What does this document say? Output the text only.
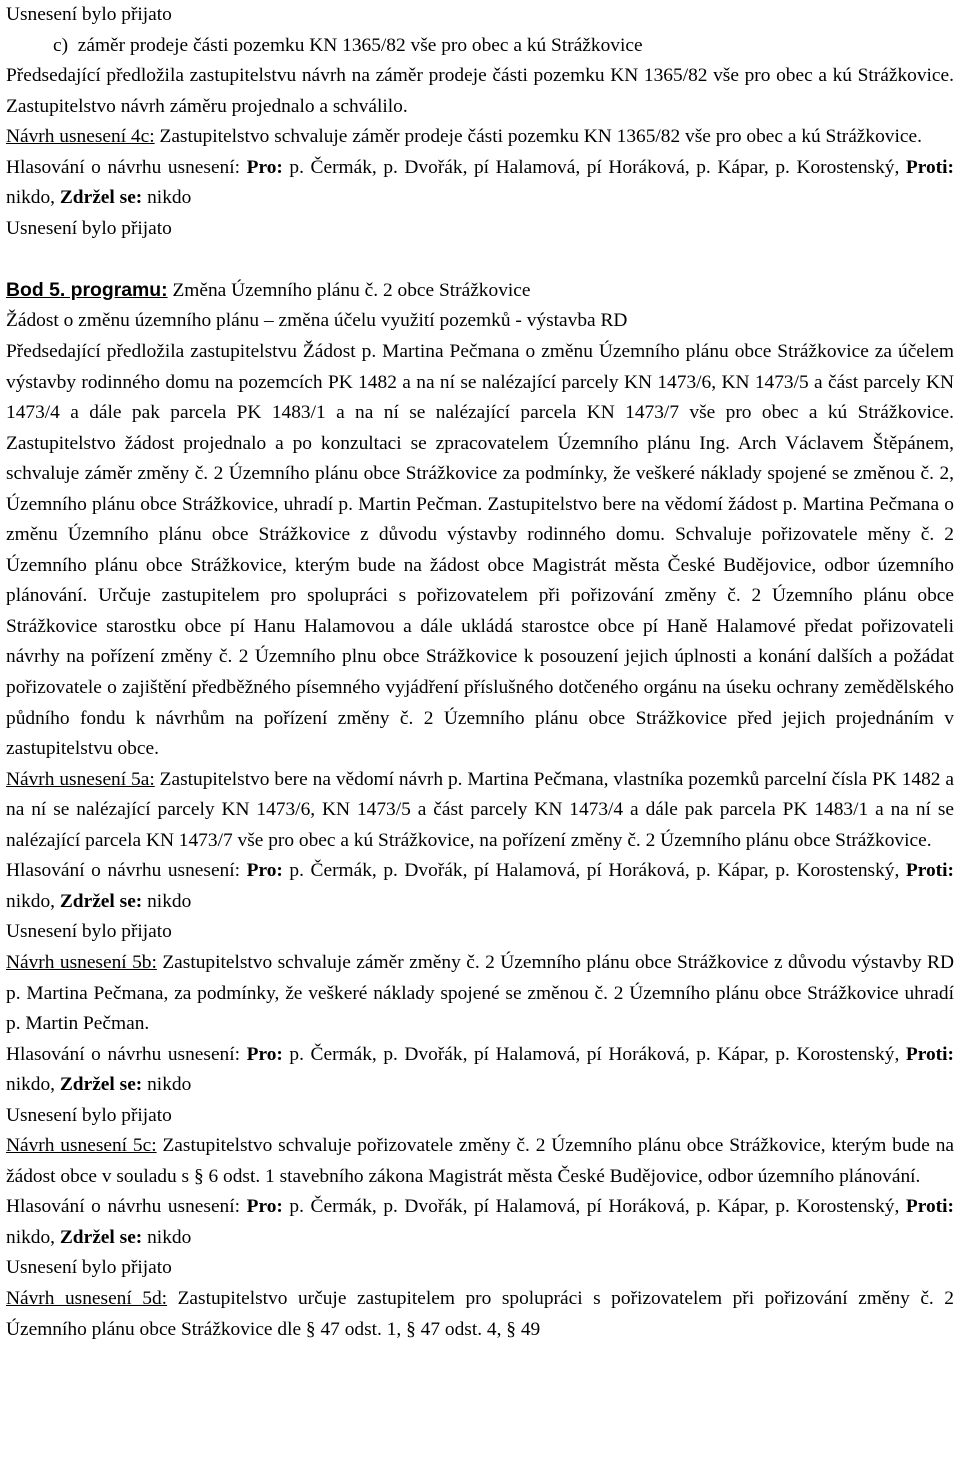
Usnesení bylo přijato
c)  záměr prodeje části pozemku KN 1365/82 vše pro obec a kú Strážkovice
Předsedající předložila zastupitelstvu návrh na záměr prodeje části pozemku KN 1365/82 vše pro obec a kú Strážkovice. Zastupitelstvo návrh záměru projednalo a schválilo.
Návrh usnesení 4c: Zastupitelstvo schvaluje záměr prodeje části pozemku KN 1365/82 vše pro obec a kú Strážkovice.
Hlasování o návrhu usnesení: Pro: p. Čermák, p. Dvořák, pí Halamová, pí Horáková, p. Kápar, p. Korostenský, Proti: nikdo, Zdržel se: nikdo
Usnesení bylo přijato
Bod 5. programu: Změna Územního plánu č. 2 obce Strážkovice
Žádost o změnu územního plánu – změna účelu využití pozemků - výstavba RD
Předsedající předložila zastupitelstvu Žádost p. Martina Pečmana o změnu Územního plánu obce Strážkovice za účelem výstavby rodinného domu na pozemcích PK 1482 a na ní se nalézající parcely KN 1473/6, KN 1473/5 a část parcely KN 1473/4 a dále pak parcela PK 1483/1 a na ní se nalézající parcela KN 1473/7 vše pro obec a kú Strážkovice. Zastupitelstvo žádost projednalo a po konzultaci se zpracovatelem Územního plánu Ing. Arch Václavem Štěpánem, schvaluje záměr změny č. 2 Územního plánu obce Strážkovice za podmínky, že veškeré náklady spojené se změnou č. 2, Územního plánu obce Strážkovice, uhradí p. Martin Pečman. Zastupitelstvo bere na vědomí žádost p. Martina Pečmana o změnu Územního plánu obce Strážkovice z důvodu výstavby rodinného domu. Schvaluje pořizovatele měny č. 2 Územního plánu obce Strážkovice, kterým bude na žádost obce Magistrát města České Budějovice, odbor územního plánování. Určuje zastupitelem pro spolupráci s pořizovatelem při pořizování změny č. 2 Územního plánu obce Strážkovice starostku obce pí Hanu Halamovou a dále ukládá starostce obce pí Haně Halamové předat pořizovateli návrhy na pořízení změny č. 2 Územního plnu obce Strážkovice k posouzení jejich úplnosti a konání dalších a požádat pořizovatele o zajištění předběžného písemného vyjádření příslušného dotčeného orgánu na úseku ochrany zemědělského půdního fondu k návrhům na pořízení změny č. 2 Územního plánu obce Strážkovice před jejich projednáním v zastupitelstvu obce.
Návrh usnesení 5a: Zastupitelstvo bere na vědomí návrh p. Martina Pečmana, vlastníka pozemků parcelní čísla PK 1482 a na ní se nalézající parcely KN 1473/6, KN 1473/5 a část parcely KN 1473/4 a dále pak parcela PK 1483/1 a na ní se nalézající parcela KN 1473/7 vše pro obec a kú Strážkovice, na pořízení změny č. 2 Územního plánu obce Strážkovice.
Hlasování o návrhu usnesení: Pro: p. Čermák, p. Dvořák, pí Halamová, pí Horáková, p. Kápar, p. Korostenský, Proti: nikdo, Zdržel se: nikdo
Usnesení bylo přijato
Návrh usnesení 5b: Zastupitelstvo schvaluje záměr změny č. 2 Územního plánu obce Strážkovice z důvodu výstavby RD p. Martina Pečmana, za podmínky, že veškeré náklady spojené se změnou č. 2 Územního plánu obce Strážkovice uhradí p. Martin Pečman.
Hlasování o návrhu usnesení: Pro: p. Čermák, p. Dvořák, pí Halamová, pí Horáková, p. Kápar, p. Korostenský, Proti: nikdo, Zdržel se: nikdo
Usnesení bylo přijato
Návrh usnesení 5c: Zastupitelstvo schvaluje pořizovatele změny č. 2 Územního plánu obce Strážkovice, kterým bude na žádost obce v souladu s § 6 odst. 1 stavebního zákona Magistrát města České Budějovice, odbor územního plánování.
Hlasování o návrhu usnesení: Pro: p. Čermák, p. Dvořák, pí Halamová, pí Horáková, p. Kápar, p. Korostenský, Proti: nikdo, Zdržel se: nikdo
Usnesení bylo přijato
Návrh usnesení 5d: Zastupitelstvo určuje zastupitelem pro spolupráci s pořizovatelem při pořizování změny č. 2 Územního plánu obce Strážkovice dle § 47 odst. 1, § 47 odst. 4, § 49
